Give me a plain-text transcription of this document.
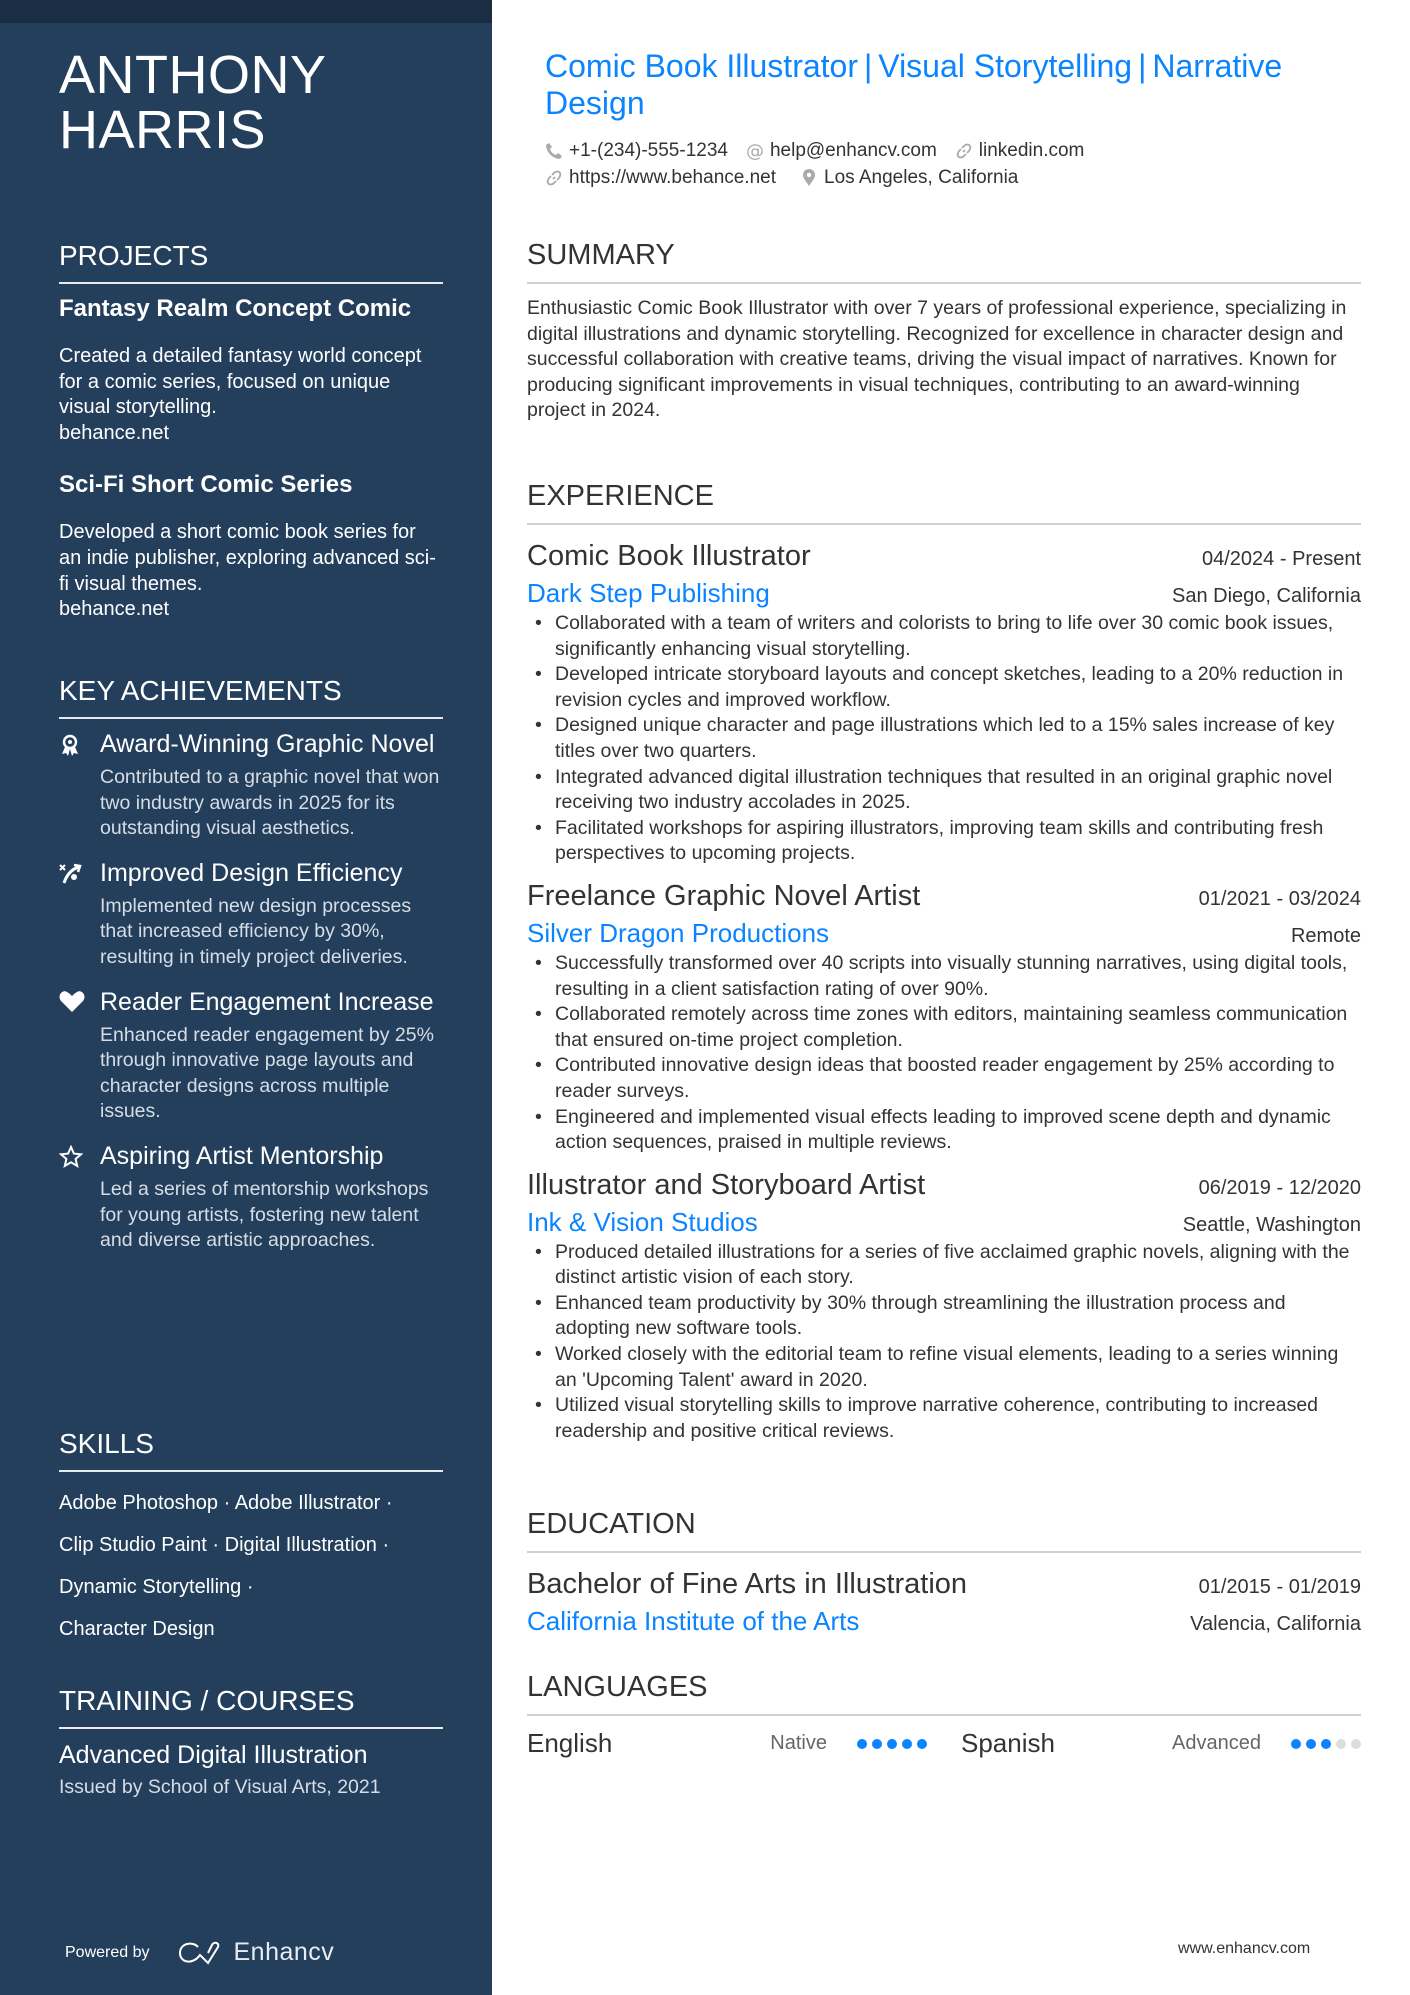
ANTHONY
HARRIS
PROJECTS
Fantasy Realm Concept Comic
Created a detailed fantasy world concept for a comic series, focused on unique visual storytelling.
behance.net
Sci-Fi Short Comic Series
Developed a short comic book series for an indie publisher, exploring advanced sci-fi visual themes.
behance.net
KEY ACHIEVEMENTS
Award-Winning Graphic Novel
Contributed to a graphic novel that won two industry awards in 2025 for its outstanding visual aesthetics.
Improved Design Efficiency
Implemented new design processes that increased efficiency by 30%, resulting in timely project deliveries.
Reader Engagement Increase
Enhanced reader engagement by 25% through innovative page layouts and character designs across multiple issues.
Aspiring Artist Mentorship
Led a series of mentorship workshops for young artists, fostering new talent and diverse artistic approaches.
SKILLS
Adobe Photoshop · Adobe Illustrator ·
Clip Studio Paint · Digital Illustration ·
Dynamic Storytelling ·
Character Design
TRAINING / COURSES
Advanced Digital Illustration
Issued by School of Visual Arts, 2021
Powered by	Enhancv
Comic Book Illustrator | Visual Storytelling | Narrative Design
+1-(234)-555-1234 @ help@enhancv.com linkedin.com
https://www.behance.net	Los Angeles, California
SUMMARY
Enthusiastic Comic Book Illustrator with over 7 years of professional experience, specializing in digital illustrations and dynamic storytelling. Recognized for excellence in character design and successful collaboration with creative teams, driving the visual impact of narratives. Known for producing significant improvements in visual techniques, contributing to an award-winning project in 2024.
EXPERIENCE
Comic Book Illustrator	04/2024 - Present
Dark Step Publishing	San Diego, California
• Collaborated with a team of writers and colorists to bring to life over 30 comic book issues, significantly enhancing visual storytelling.
• Developed intricate storyboard layouts and concept sketches, leading to a 20% reduction in revision cycles and improved workflow.
• Designed unique character and page illustrations which led to a 15% sales increase of key titles over two quarters.
• Integrated advanced digital illustration techniques that resulted in an original graphic novel receiving two industry accolades in 2025.
• Facilitated workshops for aspiring illustrators, improving team skills and contributing fresh perspectives to upcoming projects.
Freelance Graphic Novel Artist	01/2021 - 03/2024
Silver Dragon Productions	Remote
• Successfully transformed over 40 scripts into visually stunning narratives, using digital tools, resulting in a client satisfaction rating of over 90%.
• Collaborated remotely across time zones with editors, maintaining seamless communication that ensured on-time project completion.
• Contributed innovative design ideas that boosted reader engagement by 25% according to reader surveys.
• Engineered and implemented visual effects leading to improved scene depth and dynamic action sequences, praised in multiple reviews.
Illustrator and Storyboard Artist	06/2019 - 12/2020
Ink & Vision Studios	Seattle, Washington
• Produced detailed illustrations for a series of five acclaimed graphic novels, aligning with the distinct artistic vision of each story.
• Enhanced team productivity by 30% through streamlining the illustration process and adopting new software tools.
• Worked closely with the editorial team to refine visual elements, leading to a series winning an 'Upcoming Talent' award in 2020.
• Utilized visual storytelling skills to improve narrative coherence, contributing to increased readership and positive critical reviews.
EDUCATION
Bachelor of Fine Arts in Illustration	01/2015 - 01/2019
California Institute of the Arts	Valencia, California
LANGUAGES
English	Native	Spanish	Advanced
www.enhancv.com
